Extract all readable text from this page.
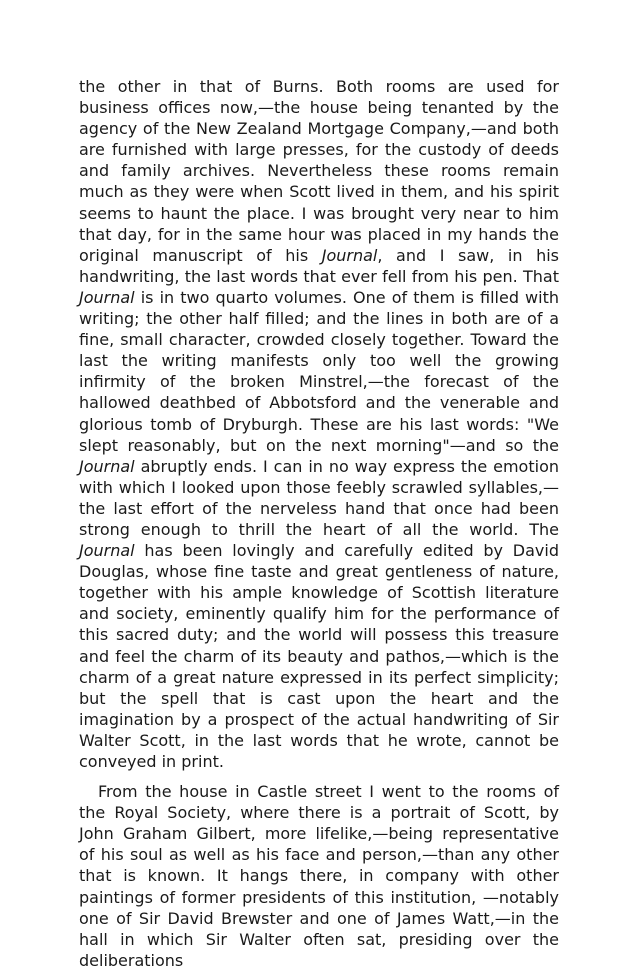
the other in that of Burns. Both rooms are used for business offices now,—the house being tenanted by the agency of the New Zealand Mortgage Company,—and both are furnished with large presses, for the custody of deeds and family archives. Nevertheless these rooms remain much as they were when Scott lived in them, and his spirit seems to haunt the place. I was brought very near to him that day, for in the same hour was placed in my hands the original manuscript of his Journal, and I saw, in his handwriting, the last words that ever fell from his pen. That Journal is in two quarto volumes. One of them is filled with writing; the other half filled; and the lines in both are of a fine, small character, crowded closely together. Toward the last the writing manifests only too well the growing infirmity of the broken Minstrel,—the forecast of the hallowed deathbed of Abbotsford and the venerable and glorious tomb of Dryburgh. These are his last words: "We slept reasonably, but on the next morning"—and so the Journal abruptly ends. I can in no way express the emotion with which I looked upon those feebly scrawled syllables,—the last effort of the nerveless hand that once had been strong enough to thrill the heart of all the world. The Journal has been lovingly and carefully edited by David Douglas, whose fine taste and great gentleness of nature, together with his ample knowledge of Scottish literature and society, eminently qualify him for the performance of this sacred duty; and the world will possess this treasure and feel the charm of its beauty and pathos,—which is the charm of a great nature expressed in its perfect simplicity; but the spell that is cast upon the heart and the imagination by a prospect of the actual handwriting of Sir Walter Scott, in the last words that he wrote, cannot be conveyed in print.

From the house in Castle street I went to the rooms of the Royal Society, where there is a portrait of Scott, by John Graham Gilbert, more lifelike,—being representative of his soul as well as his face and person,—than any other that is known. It hangs there, in company with other paintings of former presidents of this institution, —notably one of Sir David Brewster and one of James Watt,—in the hall in which Sir Walter often sat, presiding over the deliberations
